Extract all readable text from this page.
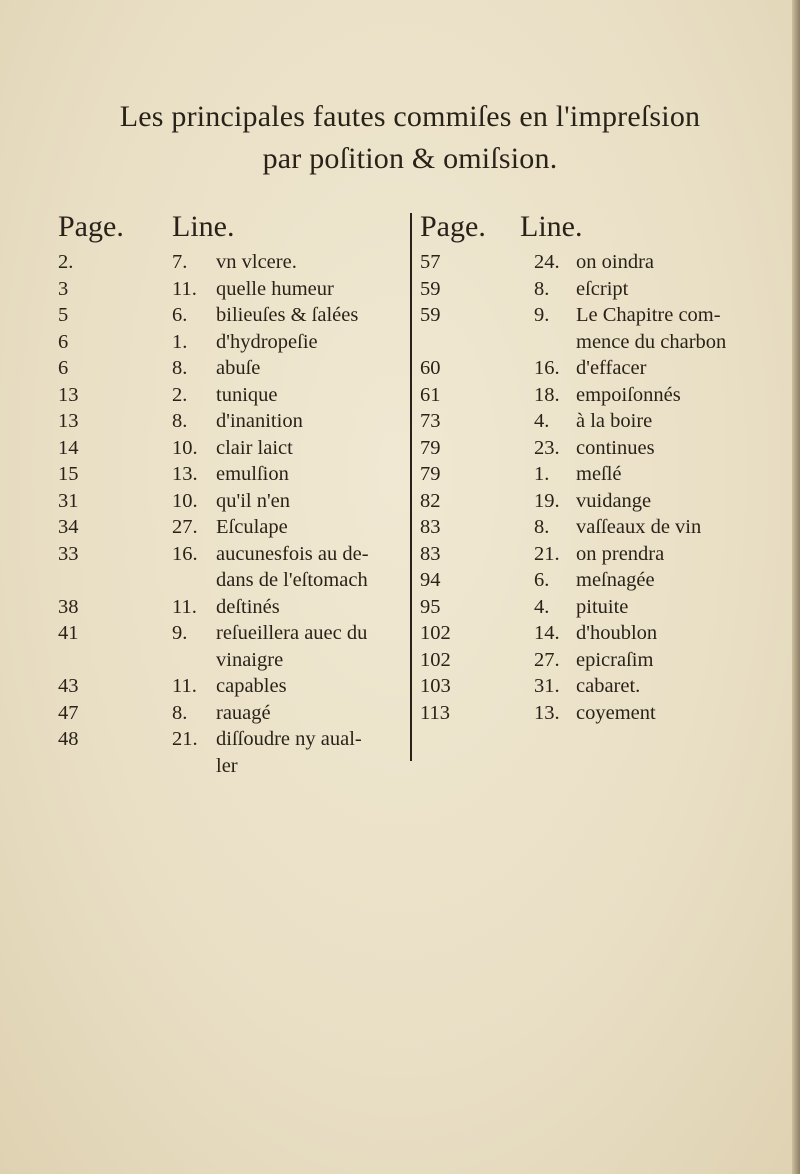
Les principales fautes commiſes en l'impreſsion
par poſition & omiſsion.
Page. Line.
2.	7. vn vlcere.
3	11. quelle humeur
5	6. bilieuſes & ſalées
6	1. d'hydropeſie
6	8. abuſe
13	2. tunique
13	8. d'inanition
14	10. clair laict
15	13. emulſion
31	10. qu'il n'en
34	27. Eſculape
33	16. aucunesfois au de-
dans de l'eſtomach
38	11. deſtinés
41	9. reſueillera auec du
vinaigre
43	11. capables
47	8. rauagé
48	21. diſſoudre ny aual-
ler
Page. Line.
57	24. on oindra
59	8. eſcript
59	9. Le Chapitre com-
mence du charbon
60	16. d'effacer
61	18. empoiſonnés
73	4. à la boire
79	23. continues
79	1. meſlé
82	19. vuidange
83	8. vaſſeaux de vin
83	21. on prendra
94	6. meſnagée
95	4. pituite
102	14. d'houblon
102	27. epicraſim
103	31. cabaret.
113	13. coyement
